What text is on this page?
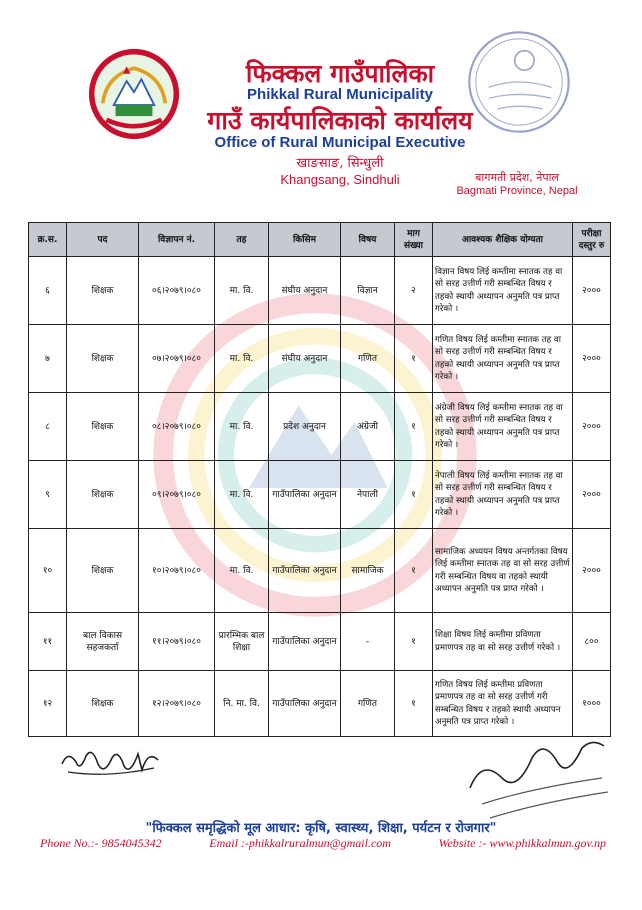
फिक्कल गाउँपालिका
Phikkal Rural Municipality
गाउँ कार्यपालिकाको कार्यालय
Office of Rural Municipal Executive
खाङसाङ, सिन्धुली
Khangsang, Sindhuli	बागमती प्रदेश, नेपाल
Bagmati Province, Nepal
क्र.स.	पद	विज्ञापन नं.	तह	किसिम	विषय	माग संख्या	आवश्यक शैक्षिक योग्यता	परीक्षा दस्तुर रु
६	शिक्षक	०६।२०७९।०८०	मा. वि.	संघीय अनुदान	विज्ञान	२	विज्ञान विषय लिई कम्तीमा स्नातक तह वा सो सरह उत्तीर्ण गरी सम्बन्धित विषय र तहको स्थायी अध्यापन अनुमति पत्र प्राप्त गरेको ।	२०००
७	शिक्षक	०७।२०७९।०८०	मा. वि.	संघीय अनुदान	गणित	१	गणित विषय लिई कम्तीमा स्नातक तह वा सो सरह उत्तीर्ण गरी सम्बन्धित विषय र तहको स्थायी अध्यापन अनुमति पत्र प्राप्त गरेको ।	२०००
८	शिक्षक	०८।२०७९।०८०	मा. वि.	प्रदेश अनुदान	अंग्रेजी	१	अंग्रेजी विषय लिई कम्तीमा स्नातक तह वा सो सरह उत्तीर्ण गरी सम्बन्धित विषय र तहको स्थायी अध्यापन अनुमति पत्र प्राप्त गरेको ।	२०००
९	शिक्षक	०९।२०७९।०८०	मा. वि.	गाउँपालिका अनुदान	नेपाली	१	नेपाली विषय लिई कम्तीमा स्नातक तह वा सो सरह उत्तीर्ण गरी सम्बन्धित विषय र तहको स्थायी अध्यापन अनुमति पत्र प्राप्त गरेको ।	२०००
१०	शिक्षक	१०।२०७९।०८०	मा. वि.	गाउँपालिका अनुदान	सामाजिक	१	सामाजिक अध्ययन विषय अन्तर्गतका विषय लिई कम्तीमा स्नातक तह वा सो सरह उत्तीर्ण गरी सम्बन्धित विषय वा तहको स्थायी अध्यापन अनुमति पत्र प्राप्त गरेको ।	२०००
११	बाल विकास सहजकर्ता	११।२०७९।०८०	प्रारम्भिक बाल शिक्षा	गाउँपालिका अनुदान	-	१	शिक्षा विषय लिई कम्तीमा प्रविणता प्रमाणपत्र तह वा सो सरह उत्तीर्ण गरेको ।	८००
१२	शिक्षक	१२।२०७९।०८०	नि. मा. वि.	गाउँपालिका अनुदान	गणित	१	गणित विषय लिई कम्तीमा प्रविणता प्रमाणपत्र तह वा सो सरह उत्तीर्ण गरी सम्बन्धित विषय र तहको स्थायी अध्यापन अनुमति पत्र प्राप्त गरेको ।	१०००
"फिक्कल समृद्धिको मूल आधार: कृषि, स्वास्थ्य, शिक्षा, पर्यटन र रोजगार"
Phone No.:- 9854045342	Email :-phikkalruralmun@gmail.com	Website :- www.phikkalmun.gov.np
